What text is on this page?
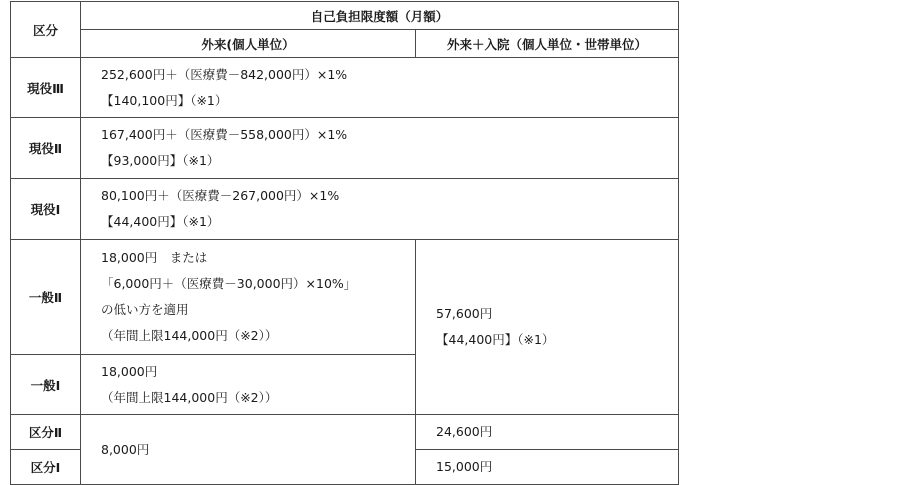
区分	自己負担限度額（月額）	
	外来(個人単位）	外来＋入院（個人単位・世帯単位）
現役Ⅲ	252,600円＋（医療費－842,000円）×1%
【140,100円】（※1）	

現役Ⅱ	167,400円＋（医療費－558,000円）×1%
【93,000円】（※1）	

現役Ⅰ	80,100円＋（医療費－267,000円）×1%
【44,400円】（※1）	

一般Ⅱ	18,000円　または
「6,000円＋（医療費－30,000円）×10%」
の低い方を適用
（年間上限144,000円（※2））	57,600円
【44,400円】（※1）

一般Ⅰ	18,000円
（年間上限144,000円（※2））	

区分Ⅱ	8,000円	24,600円
区分Ⅰ		15,000円
